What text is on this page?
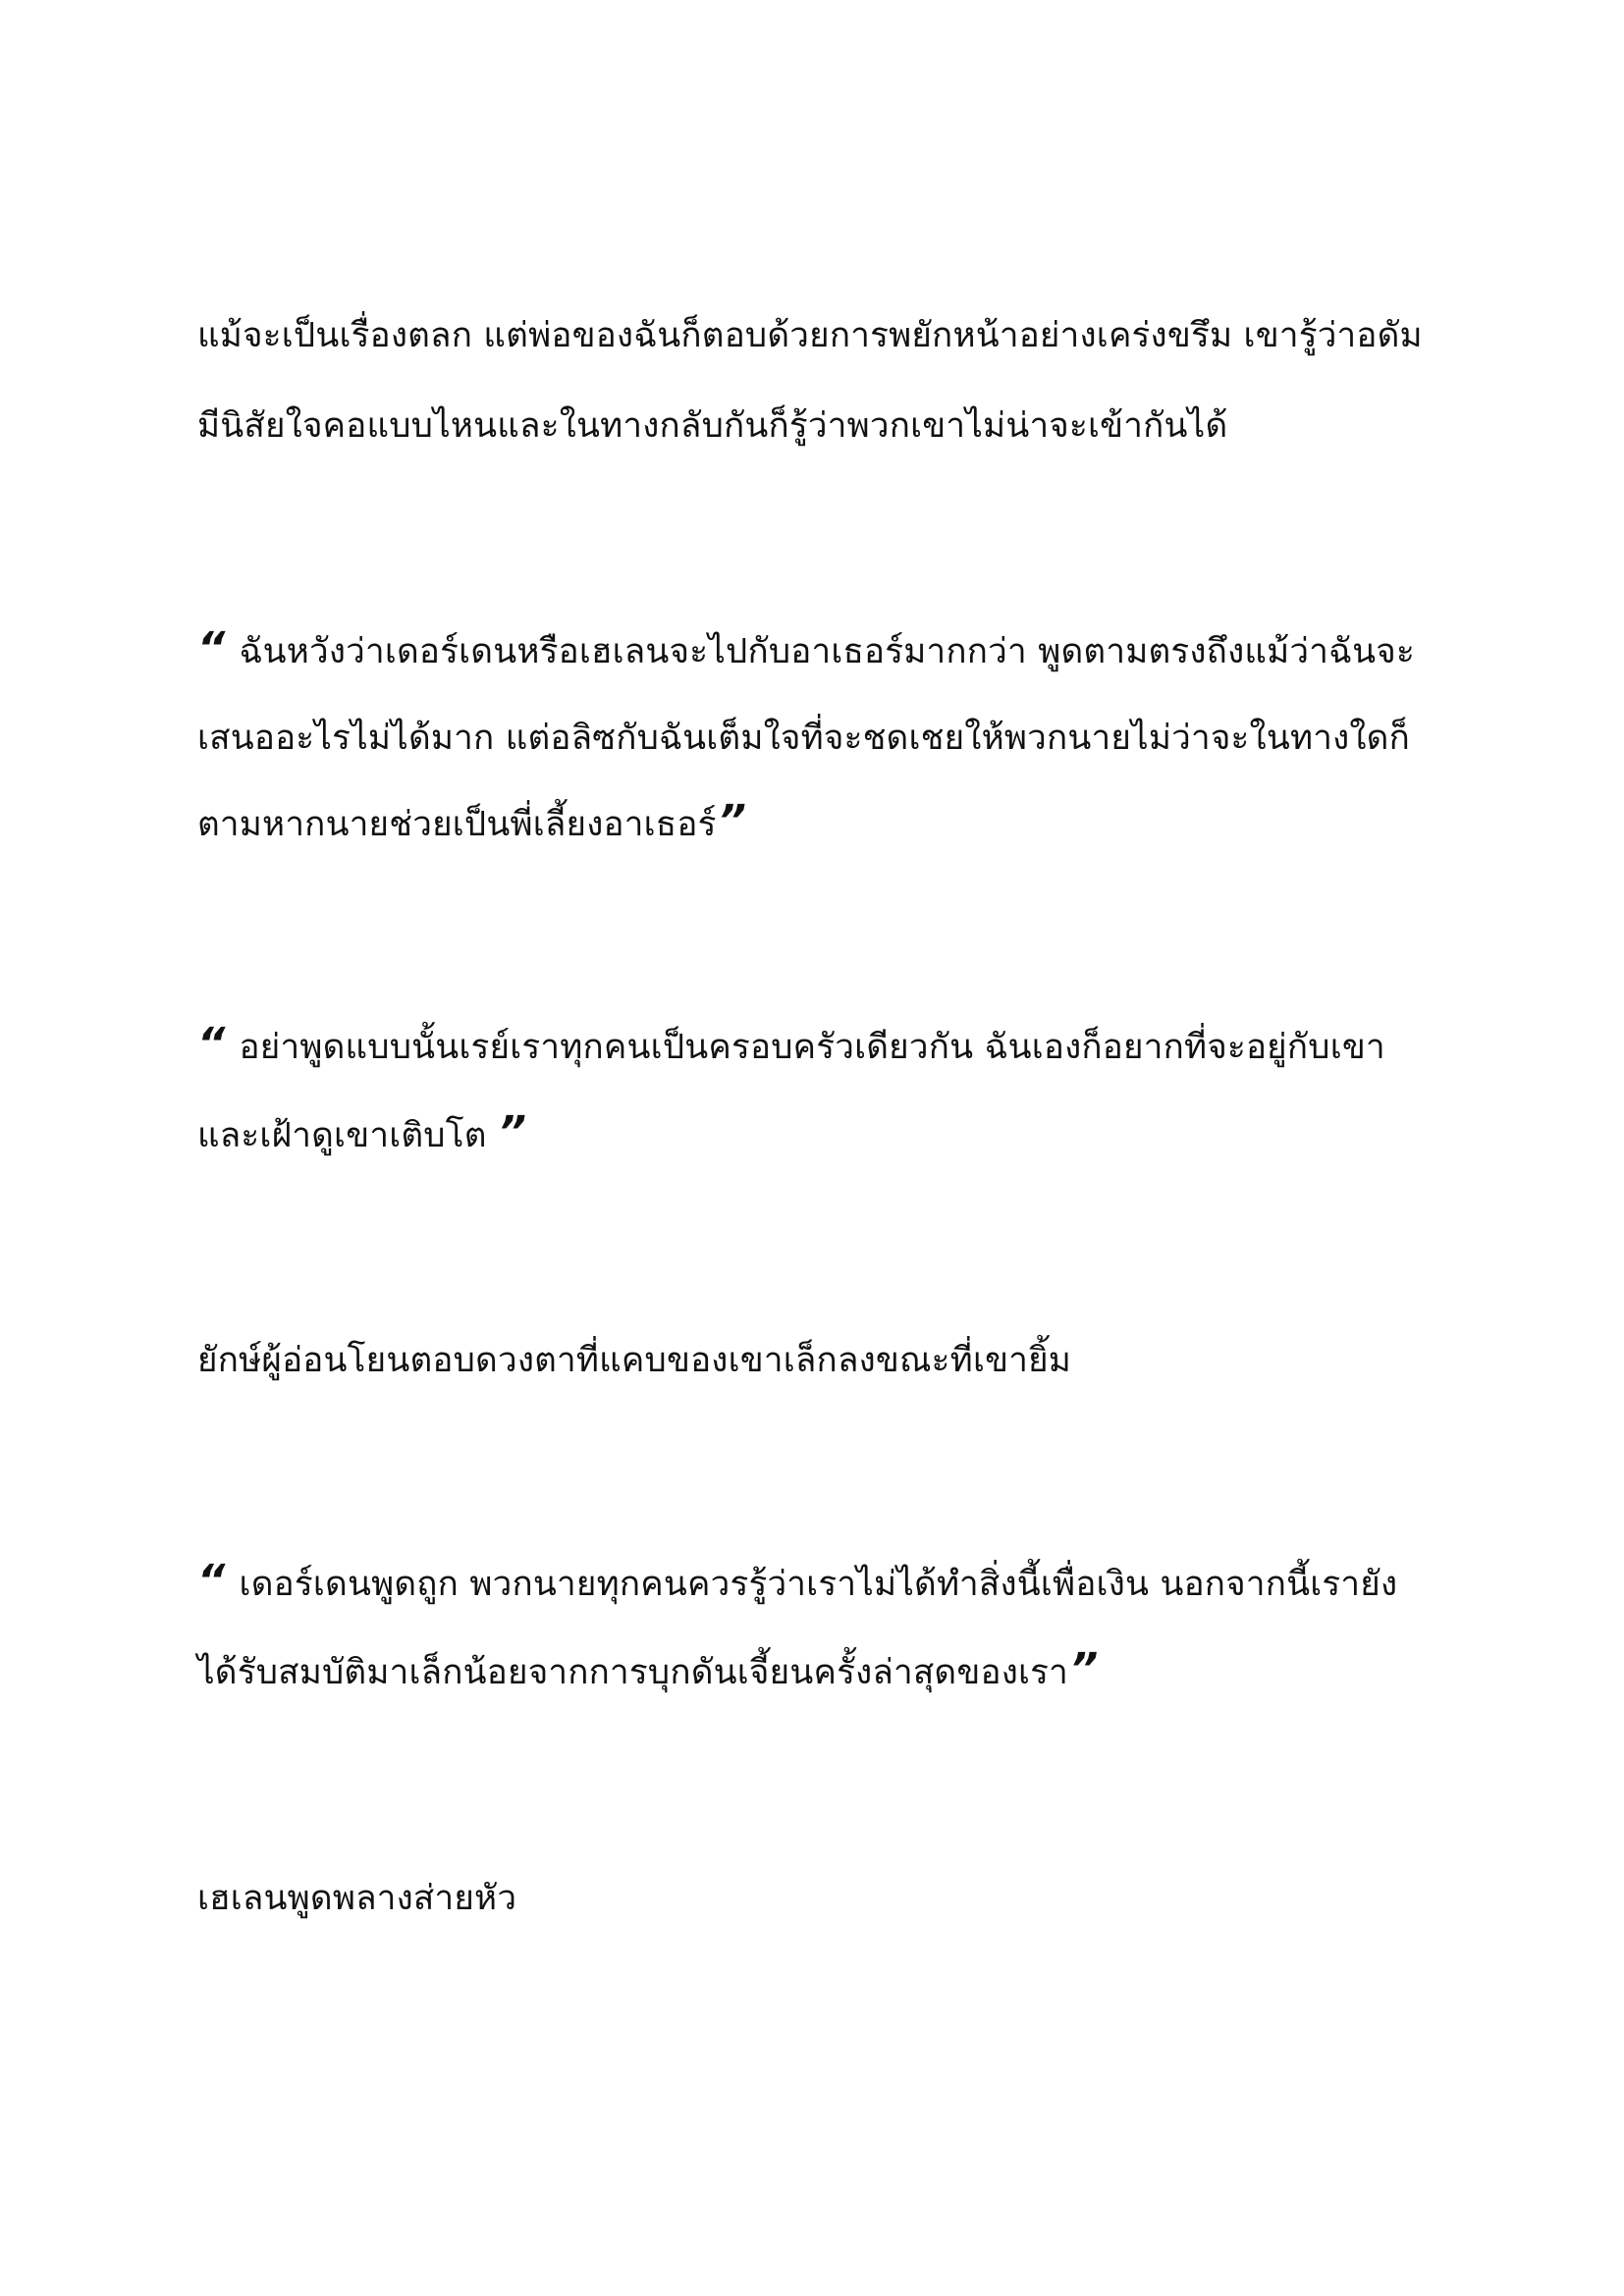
แม้จะเป็นเรื่องตลก แต่พ่อของฉันก็ตอบด้วยการพยักหน้าอย่างเคร่งขรึม เขารู้ว่าอดัม
มีนิสัยใจคอแบบไหนและในทางกลับกันก็รู้ว่าพวกเขาไม่น่าจะเข้ากันได้
“ ฉันหวังว่าเดอร์เดนหรือเฮเลนจะไปกับอาเธอร์มากกว่า พูดตามตรงถึงแม้ว่าฉันจะ
เสนออะไรไม่ได้มาก แต่อลิซกับฉันเต็มใจที่จะชดเชยให้พวกนายไม่ว่าจะในทางใดก็
ตามหากนายช่วยเป็นพี่เลี้ยงอาเธอร์”
“ อย่าพูดแบบนั้นเรย์เราทุกคนเป็นครอบครัวเดียวกัน ฉันเองก็อยากที่จะอยู่กับเขา
และเฝ้าดูเขาเติบโต ”
ยักษ์ผู้อ่อนโยนตอบดวงตาที่แคบของเขาเล็กลงขณะที่เขายิ้ม
“ เดอร์เดนพูดถูก พวกนายทุกคนควรรู้ว่าเราไม่ได้ทำสิ่งนี้เพื่อเงิน นอกจากนี้เรายัง
ได้รับสมบัติมาเล็กน้อยจากการบุกดันเจี้ยนครั้งล่าสุดของเรา”
เฮเลนพูดพลางส่ายหัว
